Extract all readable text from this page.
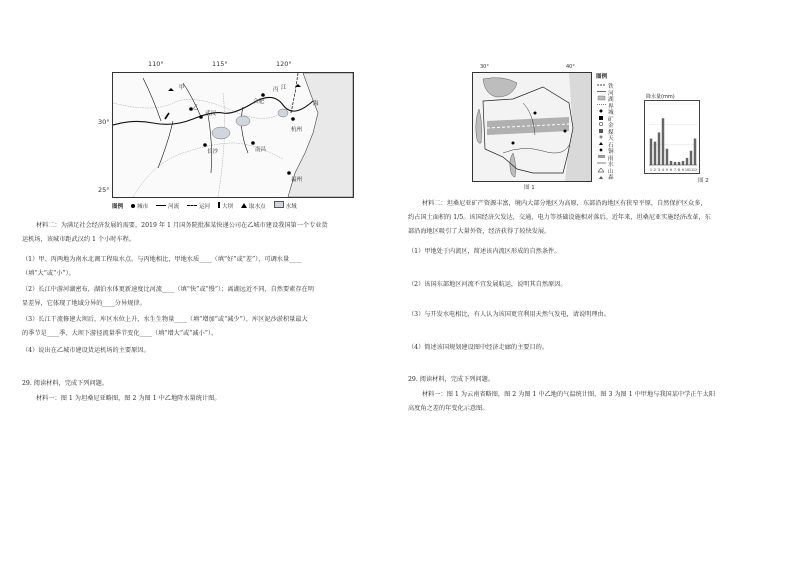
110°	115°	120°
30°
25°
甲
乙
丙
武汉
合肥
江
海
杭州
长沙	南昌
福州
图例 城市	河流	运河 大坝	取水点	水域
材料二：为满足社会经济发展的需要，2019 年 1 月国务院批准某快递公司在乙城市建设我国第一个专业货
运机场，该城市距武汉约 1 个小时车程。
（1）甲、丙两地为南水北调工程取水点。与丙地相比，甲地水质____（填“好”或“差”），可调水量____
（填“大”或“小”）。
（2）长江中游河湖密布，湖泊水体更新速度比河流____（填“快”或“慢”）；离湖远近不同，自然要素存在明
显差异，它体现了地域分异的____分异规律。
（3）长江干流修建大坝后，库区水位上升，水生生物量____（填“增加”或“减少”），库区泥沙淤积量最大
的季节是____季，大坝下游径流量季节变化____（填“增大”或“减小”）。
（4）说出在乙城市建设货运机场的主要原因。
29. 阅读材料，完成下列问题。
材料一：图 1 为坦桑尼亚略图，图 2 为图 1 中乙地降水量统计图。
30°	40°
图 1
图例
铁
河
湖
界
城
矿
金
煤
天
石
铜
雨
水
山
森
降水量(mm)
1 2 3 4 5 6 7 8 9 10 11 12
图 2
材料二：坦桑尼亚矿产资源丰富，境内大部分地区为高原，东部沿海地区有狭窄平原，自然保护区众多，
约占国土面积的 1/5。该国经济欠发达，交通、电力等基础设施相对落后。近年来，坦桑尼亚实施经济改革，东
部沿海地区吸引了大量外资，经济获得了较快发展。
（1）甲地处于内流区，简述该内流区形成的自然条件。
（2）该国东部地区河流不宜发展航运，说明其自然原因。
（3）与开发水电相比，有人认为该国更宜利用天然气发电，请说明理由。
（4）简述该国规划建设图中经济走廊的主要目的。
29. 阅读材料，完成下列问题。
材料一：图 1 为云南省略图，图 2 为图 1 中乙地的气温统计图，图 3 为图 1 中甲地与我国某中学正午太阳
高度角之差的年变化示意图。
